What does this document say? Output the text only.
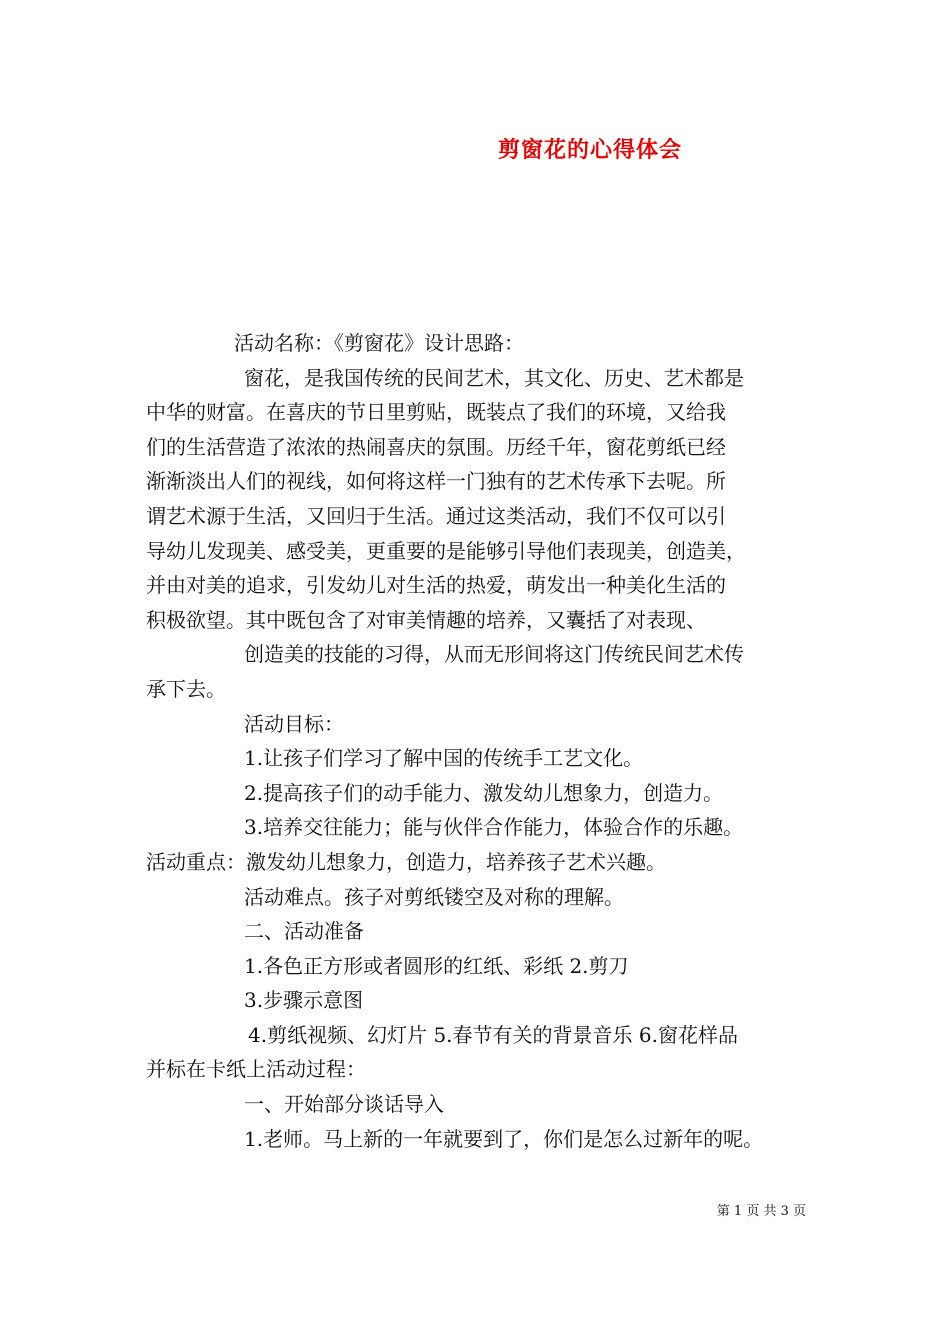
剪窗花的心得体会
活动名称：《剪窗花》设计思路：
窗花，是我国传统的民间艺术，其文化、历史、艺术都是
中华的财富。在喜庆的节日里剪贴，既装点了我们的环境，又给我
们的生活营造了浓浓的热闹喜庆的氛围。历经千年，窗花剪纸已经
渐渐淡出人们的视线，如何将这样一门独有的艺术传承下去呢。所
谓艺术源于生活，又回归于生活。通过这类活动，我们不仅可以引
导幼儿发现美、感受美，更重要的是能够引导他们表现美，创造美，
并由对美的追求，引发幼儿对生活的热爱，萌发出一种美化生活的
积极欲望。其中既包含了对审美情趣的培养，又囊括了对表现、
创造美的技能的习得，从而无形间将这门传统民间艺术传
承下去。
活动目标：
1.让孩子们学习了解中国的传统手工艺文化。
2.提高孩子们的动手能力、激发幼儿想象力，创造力。
3.培养交往能力；能与伙伴合作能力，体验合作的乐趣。
活动重点：激发幼儿想象力，创造力，培养孩子艺术兴趣。
活动难点。孩子对剪纸镂空及对称的理解。
二、活动准备
1.各色正方形或者圆形的红纸、彩纸 2.剪刀
3.步骤示意图
4.剪纸视频、幻灯片 5.春节有关的背景音乐 6.窗花样品
并标在卡纸上活动过程：
一、开始部分谈话导入
1.老师。马上新的一年就要到了，你们是怎么过新年的呢。
第 1 页 共 3 页
